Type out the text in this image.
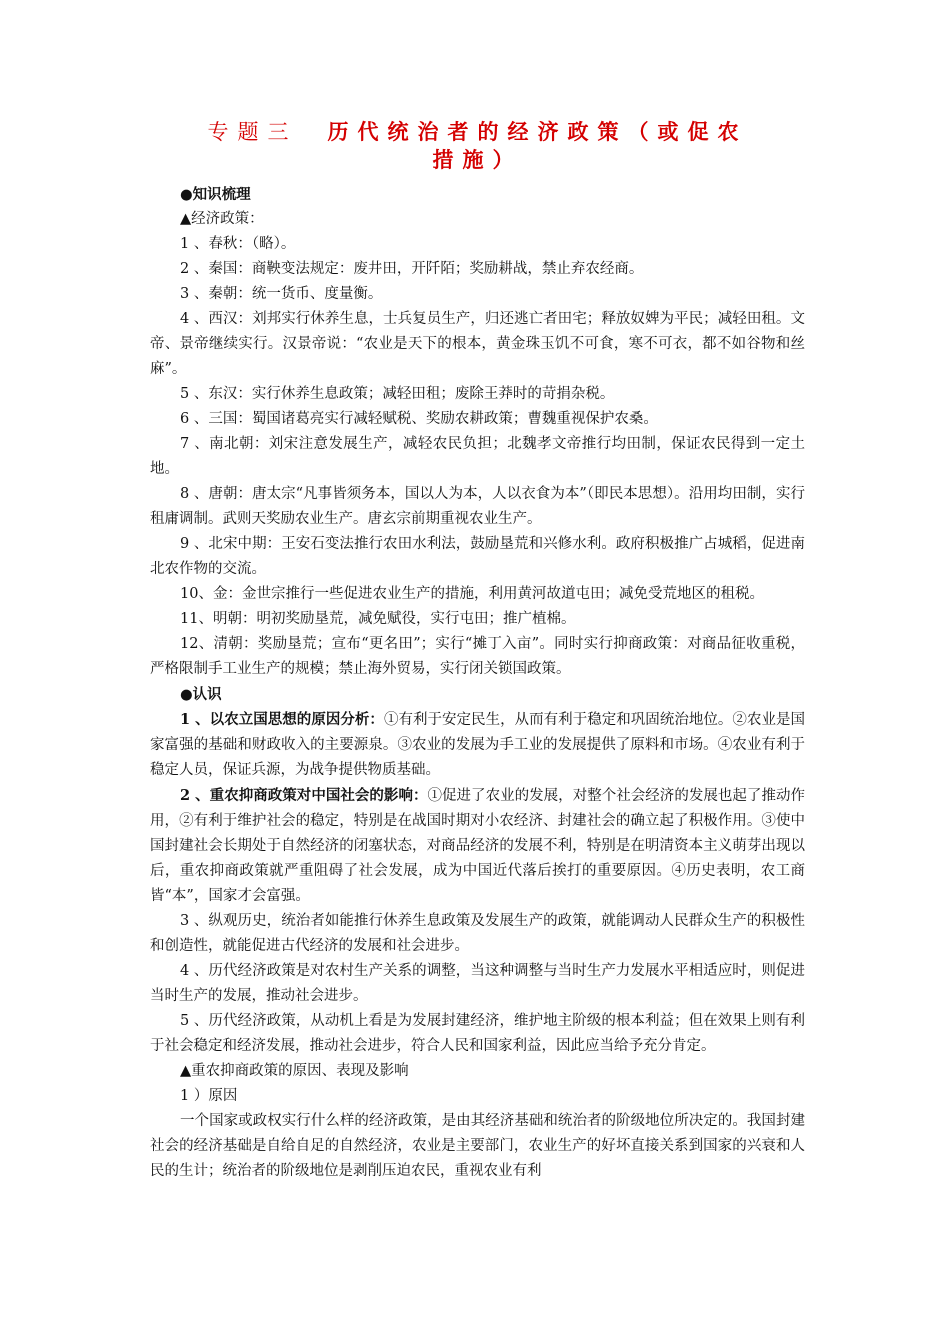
专题三 历代统治者的经济政策（或促农
措施）

●知识梳理

▲经济政策：

1 、春秋：（略）。

2 、秦国：商鞅变法规定：废井田，开阡陌；奖励耕战，禁止弃农经商。

3 、秦朝：统一货币、度量衡。

4 、西汉：刘邦实行休养生息，士兵复员生产，归还逃亡者田宅；释放奴婢为平民；减轻田租。文帝、景帝继续实行。汉景帝说：“农业是天下的根本，黄金珠玉饥不可食，寒不可衣，都不如谷物和丝麻”。

5 、东汉：实行休养生息政策；减轻田租；废除王莽时的苛捐杂税。

6 、三国：蜀国诸葛亮实行减轻赋税、奖励农耕政策；曹魏重视保护农桑。

7 、南北朝：刘宋注意发展生产，减轻农民负担；北魏孝文帝推行均田制，保证农民得到一定土地。

8 、唐朝：唐太宗“凡事皆须务本，国以人为本，人以衣食为本”（即民本思想）。沿用均田制，实行租庸调制。武则天奖励农业生产。唐玄宗前期重视农业生产。

9 、北宋中期：王安石变法推行农田水利法，鼓励垦荒和兴修水利。政府积极推广占城稻，促进南北农作物的交流。

10、金：金世宗推行一些促进农业生产的措施，利用黄河故道屯田；减免受荒地区的租税。

11、明朝：明初奖励垦荒，减免赋役，实行屯田；推广植棉。

12、清朝：奖励垦荒；宣布“更名田”；实行“摊丁入亩”。同时实行抑商政策：对商品征收重税，严格限制手工业生产的规模；禁止海外贸易，实行闭关锁国政策。

●认识

1 、以农立国思想的原因分析：①有利于安定民生，从而有利于稳定和巩固统治地位。②农业是国家富强的基础和财政收入的主要源泉。③农业的发展为手工业的发展提供了原料和市场。④农业有利于稳定人员，保证兵源，为战争提供物质基础。

2 、重农抑商政策对中国社会的影响：①促进了农业的发展，对整个社会经济的发展也起了推动作用，②有利于维护社会的稳定，特别是在战国时期对小农经济、封建社会的确立起了积极作用。③使中国封建社会长期处于自然经济的闭塞状态，对商品经济的发展不利，特别是在明清资本主义萌芽出现以后，重农抑商政策就严重阻碍了社会发展，成为中国近代落后挨打的重要原因。④历史表明，农工商皆“本”，国家才会富强。

3 、纵观历史，统治者如能推行休养生息政策及发展生产的政策，就能调动人民群众生产的积极性和创造性，就能促进古代经济的发展和社会进步。

4 、历代经济政策是对农村生产关系的调整，当这种调整与当时生产力发展水平相适应时，则促进当时生产的发展，推动社会进步。

5 、历代经济政策，从动机上看是为发展封建经济，维护地主阶级的根本利益；但在效果上则有利于社会稳定和经济发展，推动社会进步，符合人民和国家利益，因此应当给予充分肯定。

▲重农抑商政策的原因、表现及影响

1 ）原因

一个国家或政权实行什么样的经济政策，是由其经济基础和统治者的阶级地位所决定的。我国封建社会的经济基础是自给自足的自然经济，农业是主要部门，农业生产的好坏直接关系到国家的兴衰和人民的生计；统治者的阶级地位是剥削压迫农民，重视农业有利
